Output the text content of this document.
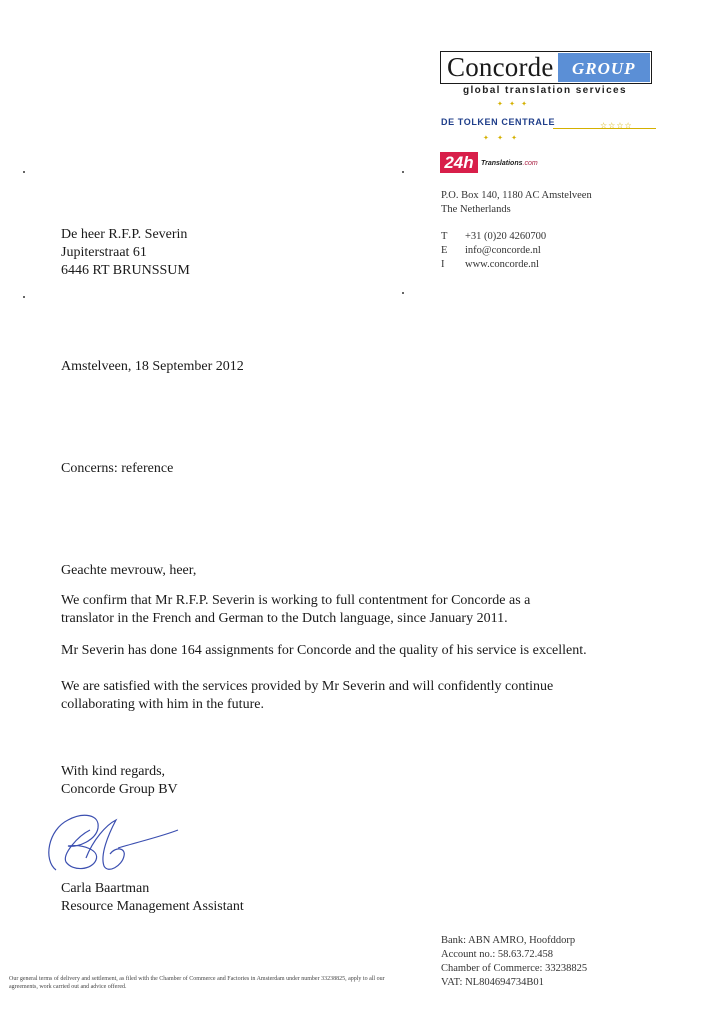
Concorde	GROUP
global translation services
✦ ✦ ✦
DE TOLKEN CENTRALE	☆☆☆☆
✦ ✦ ✦
24h	Translations.com
P.O. Box 140, 1180 AC Amstelveen
The Netherlands
T	+31 (0)20 4260700
E	info@concorde.nl
I	www.concorde.nl
De heer R.F.P. Severin
Jupiterstraat 61
6446 RT BRUNSSUM
Amstelveen, 18 September 2012
Concerns: reference
Geachte mevrouw, heer,
We confirm that Mr R.F.P. Severin is working to full contentment for Concorde as a translator in the French and German to the Dutch language, since January 2011.
Mr Severin has done 164 assignments for Concorde and the quality of his service is excellent.
We are satisfied with the services provided by Mr Severin and will confidently continue collaborating with him in the future.
With kind regards,
Concorde Group BV
Carla Baartman
Resource Management Assistant
Bank: ABN AMRO, Hoofddorp
Account no.: 58.63.72.458
Chamber of Commerce: 33238825
VAT: NL804694734B01
Our general terms of delivery and settlement, as filed with the Chamber of Commerce and Factories in Amsterdam under number 33238825, apply to all our agreements, work carried out and advice offered.
